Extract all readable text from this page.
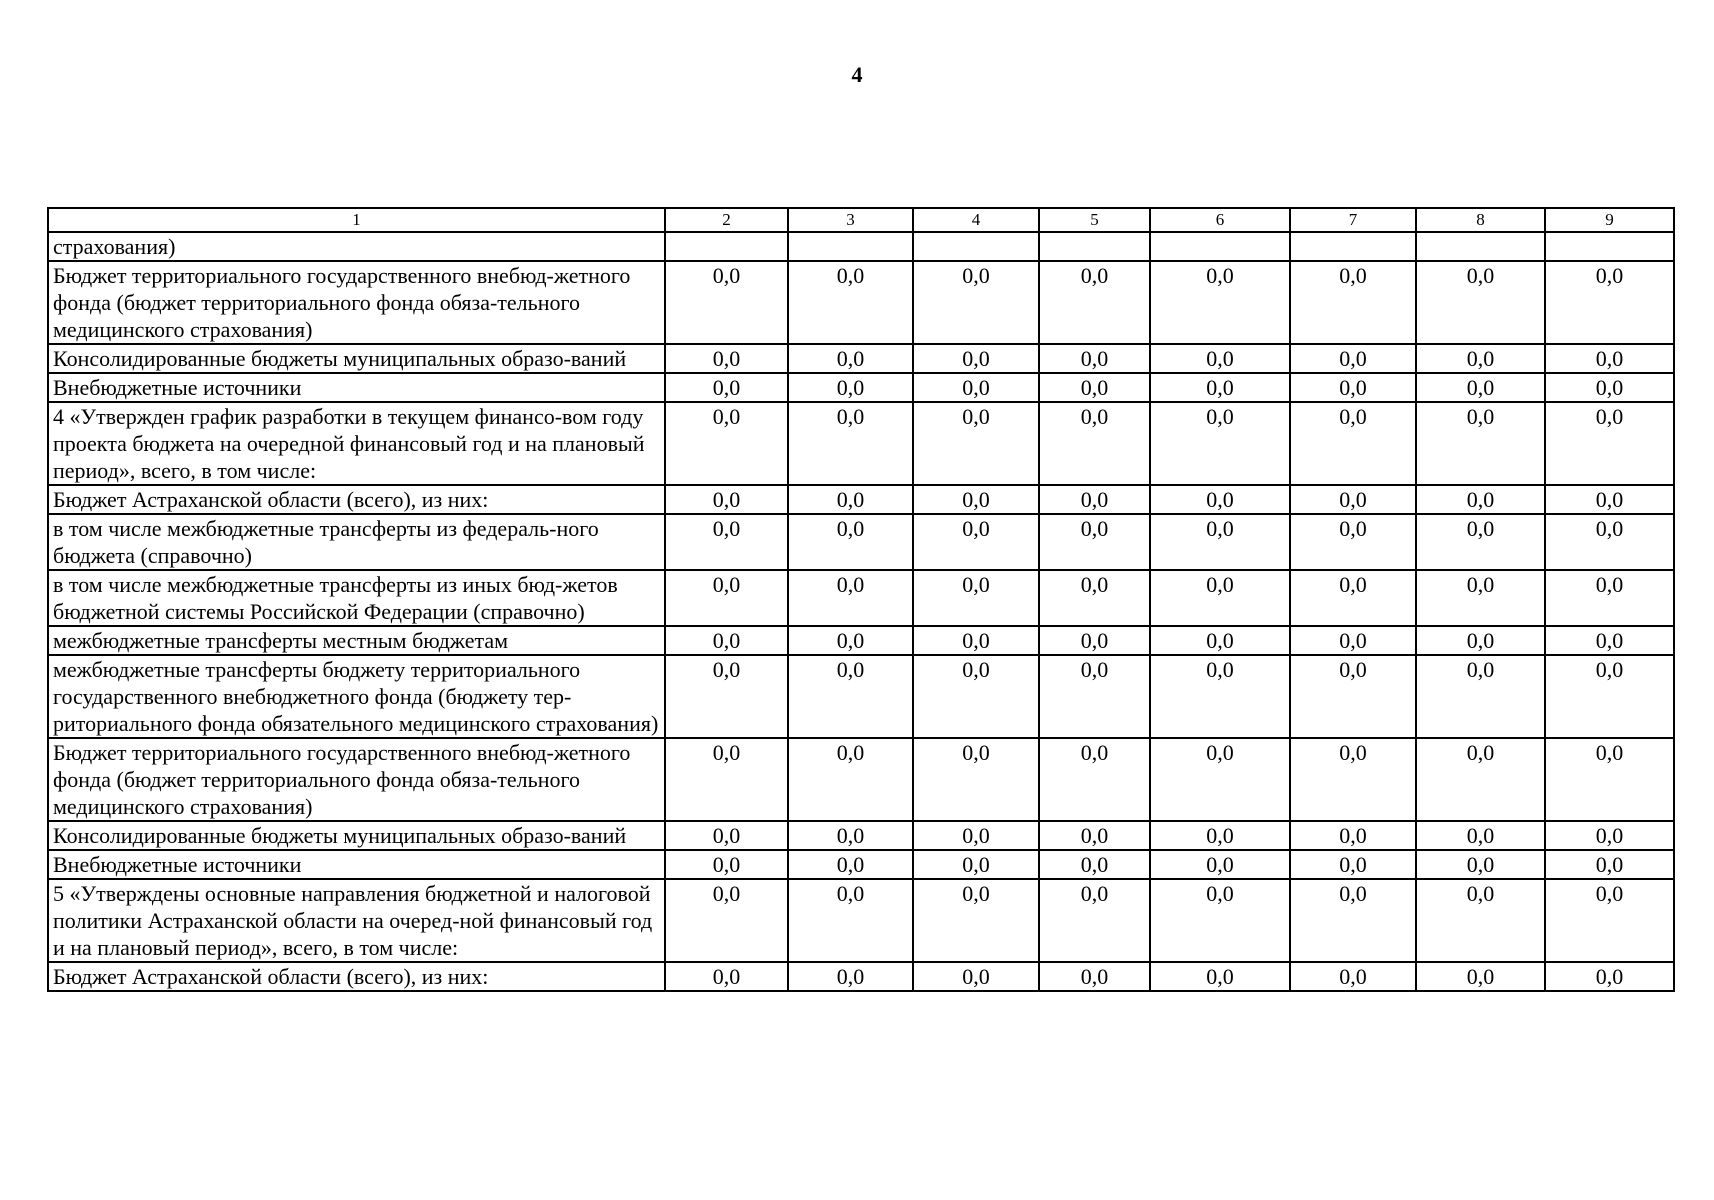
4
1	2	3	4	5	6	7	8	9
страхования)								
Бюджет территориального государственного внебюд-жетного фонда (бюджет территориального фонда обяза-тельного медицинского страхования)	0,0	0,0	0,0	0,0	0,0	0,0	0,0	0,0
Консолидированные бюджеты муниципальных образо-ваний	0,0	0,0	0,0	0,0	0,0	0,0	0,0	0,0
Внебюджетные источники	0,0	0,0	0,0	0,0	0,0	0,0	0,0	0,0
4 «Утвержден график разработки в текущем финансо-вом году проекта бюджета на очередной финансовый год и на плановый период», всего, в том числе:	0,0	0,0	0,0	0,0	0,0	0,0	0,0	0,0
Бюджет Астраханской области (всего), из них:	0,0	0,0	0,0	0,0	0,0	0,0	0,0	0,0
в том числе межбюджетные трансферты из федераль-ного бюджета (справочно)	0,0	0,0	0,0	0,0	0,0	0,0	0,0	0,0
в том числе межбюджетные трансферты из иных бюд-жетов бюджетной системы Российской Федерации (справочно)	0,0	0,0	0,0	0,0	0,0	0,0	0,0	0,0
межбюджетные трансферты местным бюджетам	0,0	0,0	0,0	0,0	0,0	0,0	0,0	0,0
межбюджетные трансферты бюджету территориального государственного внебюджетного фонда (бюджету тер-риториального фонда обязательного медицинского страхования)	0,0	0,0	0,0	0,0	0,0	0,0	0,0	0,0
Бюджет территориального государственного внебюд-жетного фонда (бюджет территориального фонда обяза-тельного медицинского страхования)	0,0	0,0	0,0	0,0	0,0	0,0	0,0	0,0
Консолидированные бюджеты муниципальных образо-ваний	0,0	0,0	0,0	0,0	0,0	0,0	0,0	0,0
Внебюджетные источники	0,0	0,0	0,0	0,0	0,0	0,0	0,0	0,0
5 «Утверждены основные направления бюджетной и налоговой политики Астраханской области на очеред-ной финансовый год и на плановый период», всего, в том числе:	0,0	0,0	0,0	0,0	0,0	0,0	0,0	0,0
Бюджет Астраханской области (всего), из них:	0,0	0,0	0,0	0,0	0,0	0,0	0,0	0,0
